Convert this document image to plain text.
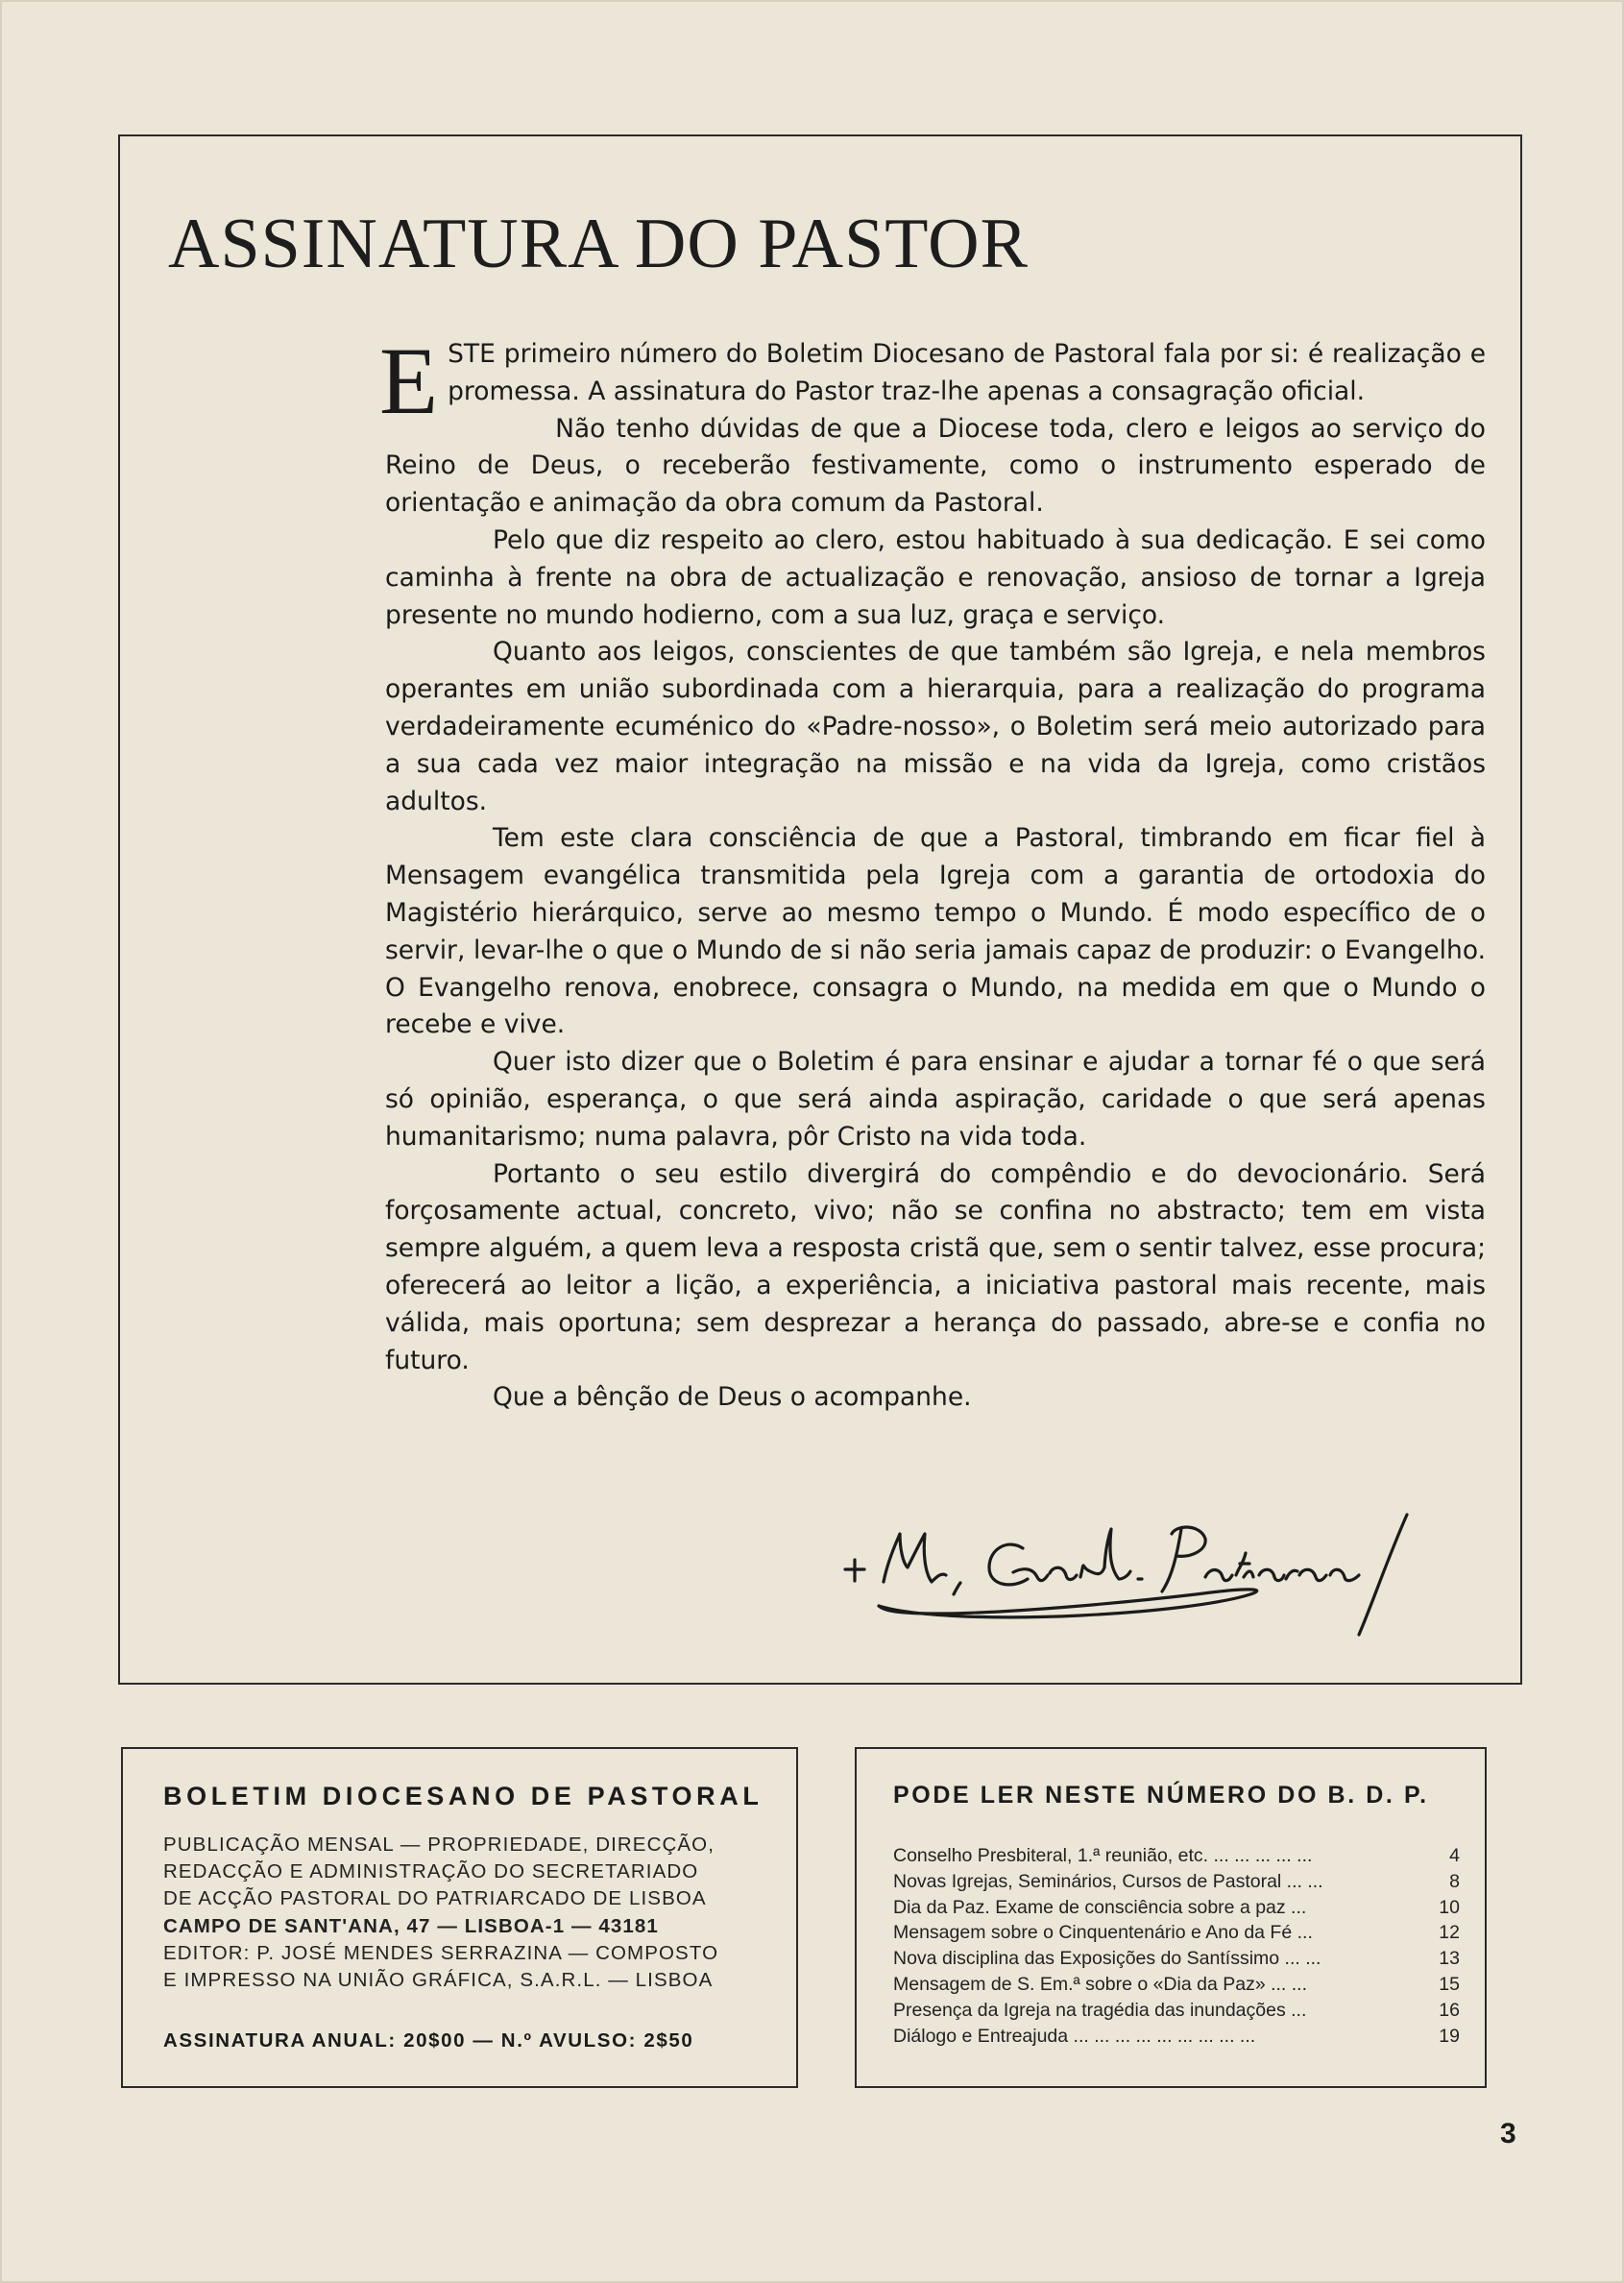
ASSINATURA DO PASTOR

ESTE primeiro número do Boletim Diocesano de Pastoral fala por si: é realização e promessa. A assinatura do Pastor traz-lhe apenas a consagração oficial.

Não tenho dúvidas de que a Diocese toda, clero e leigos ao serviço do Reino de Deus, o receberão festivamente, como o instrumento esperado de orientação e animação da obra comum da Pastoral.

Pelo que diz respeito ao clero, estou habituado à sua dedicação. E sei como caminha à frente na obra de actualização e renovação, ansioso de tornar a Igreja presente no mundo hodierno, com a sua luz, graça e serviço.

Quanto aos leigos, conscientes de que também são Igreja, e nela membros operantes em união subordinada com a hierarquia, para a realização do programa verdadeiramente ecuménico do «Padre-nosso», o Boletim será meio autorizado para a sua cada vez maior integração na missão e na vida da Igreja, como cristãos adultos.

Tem este clara consciência de que a Pastoral, timbrando em ficar fiel à Mensagem evangélica transmitida pela Igreja com a garantia de ortodoxia do Magistério hierárquico, serve ao mesmo tempo o Mundo. É modo específico de o servir, levar-lhe o que o Mundo de si não seria jamais capaz de produzir: o Evangelho. O Evangelho renova, enobrece, consagra o Mundo, na medida em que o Mundo o recebe e vive.

Quer isto dizer que o Boletim é para ensinar e ajudar a tornar fé o que será só opinião, esperança, o que será ainda aspiração, caridade o que será apenas humanitarismo; numa palavra, pôr Cristo na vida toda.

Portanto o seu estilo divergirá do compêndio e do devocionário. Será forçosamente actual, concreto, vivo; não se confina no abstracto; tem em vista sempre alguém, a quem leva a resposta cristã que, sem o sentir talvez, esse procura; oferecerá ao leitor a lição, a experiência, a iniciativa pastoral mais recente, mais válida, mais oportuna; sem desprezar a herança do passado, abre-se e confia no futuro.

Que a bênção de Deus o acompanhe.

BOLETIM DIOCESANO DE PASTORAL
PUBLICAÇÃO MENSAL — PROPRIEDADE, DIRECÇÃO,
REDACÇÃO E ADMINISTRAÇÃO DO SECRETARIADO
DE ACÇÃO PASTORAL DO PATRIARCADO DE LISBOA
CAMPO DE SANT'ANA, 47 — LISBOA-1 — 43181
EDITOR: P. JOSÉ MENDES SERRAZINA — COMPOSTO
E IMPRESSO NA UNIÃO GRÁFICA, S.A.R.L. — LISBOA
ASSINATURA ANUAL: 20$00 — N.º AVULSO: 2$50
PODE LER NESTE NÚMERO DO B. D. P.
Conselho Presbiteral, 1.ª reunião, etc. ... ... ... ... ...	4
Novas Igrejas, Seminários, Cursos de Pastoral ... ...	8
Dia da Paz. Exame de consciência sobre a paz ...	10
Mensagem sobre o Cinquentenário e Ano da Fé ...	12
Nova disciplina das Exposições do Santíssimo ... ...	13
Mensagem de S. Em.ª sobre o «Dia da Paz» ... ...	15
Presença da Igreja na tragédia das inundações ...	16
Diálogo e Entreajuda ... ... ... ... ... ... ... ... ...	19
3
